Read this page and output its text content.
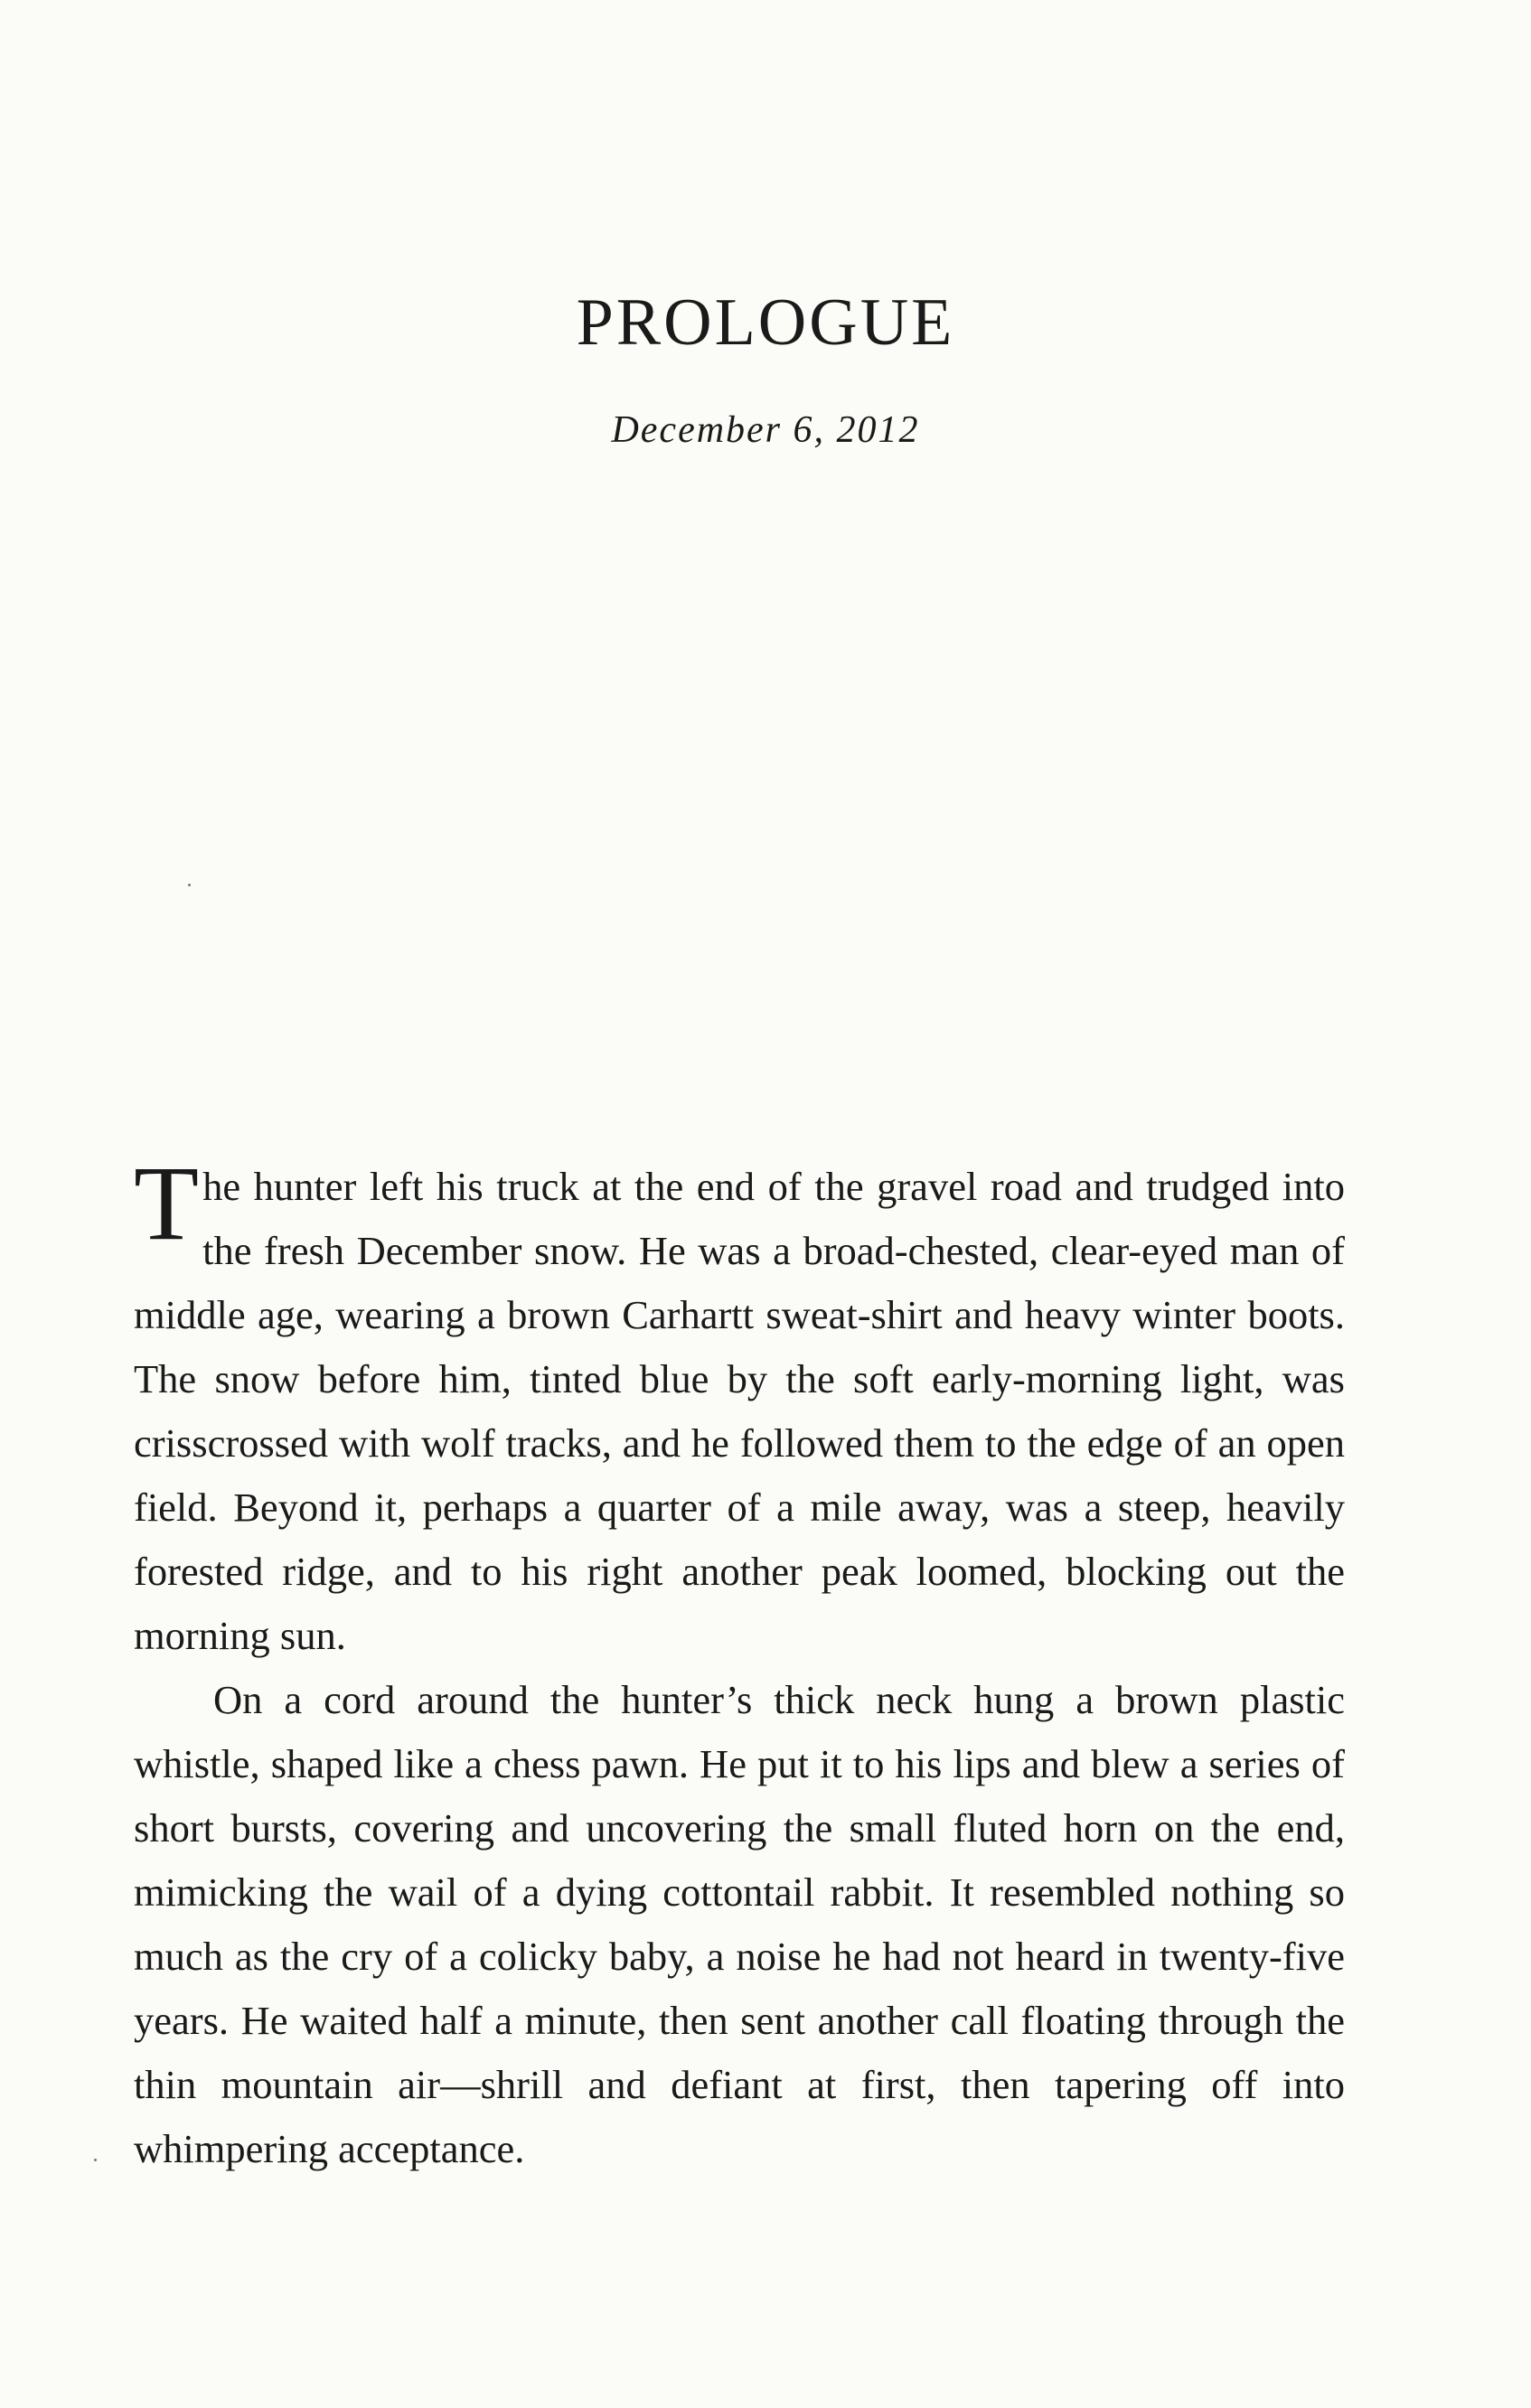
PROLOGUE
December 6, 2012

The hunter left his truck at the end of the gravel road and trudged into the fresh December snow. He was a broad-chested, clear-eyed man of middle age, wearing a brown Carhartt sweat-shirt and heavy winter boots. The snow before him, tinted blue by the soft early-morning light, was crisscrossed with wolf tracks, and he followed them to the edge of an open field. Beyond it, perhaps a quarter of a mile away, was a steep, heavily forested ridge, and to his right another peak loomed, blocking out the morning sun.

On a cord around the hunter’s thick neck hung a brown plastic whistle, shaped like a chess pawn. He put it to his lips and blew a series of short bursts, covering and uncovering the small fluted horn on the end, mimicking the wail of a dying cottontail rabbit. It resembled nothing so much as the cry of a colicky baby, a noise he had not heard in twenty-five years. He waited half a minute, then sent another call floating through the thin mountain air—shrill and defiant at first, then tapering off into whimpering acceptance.
